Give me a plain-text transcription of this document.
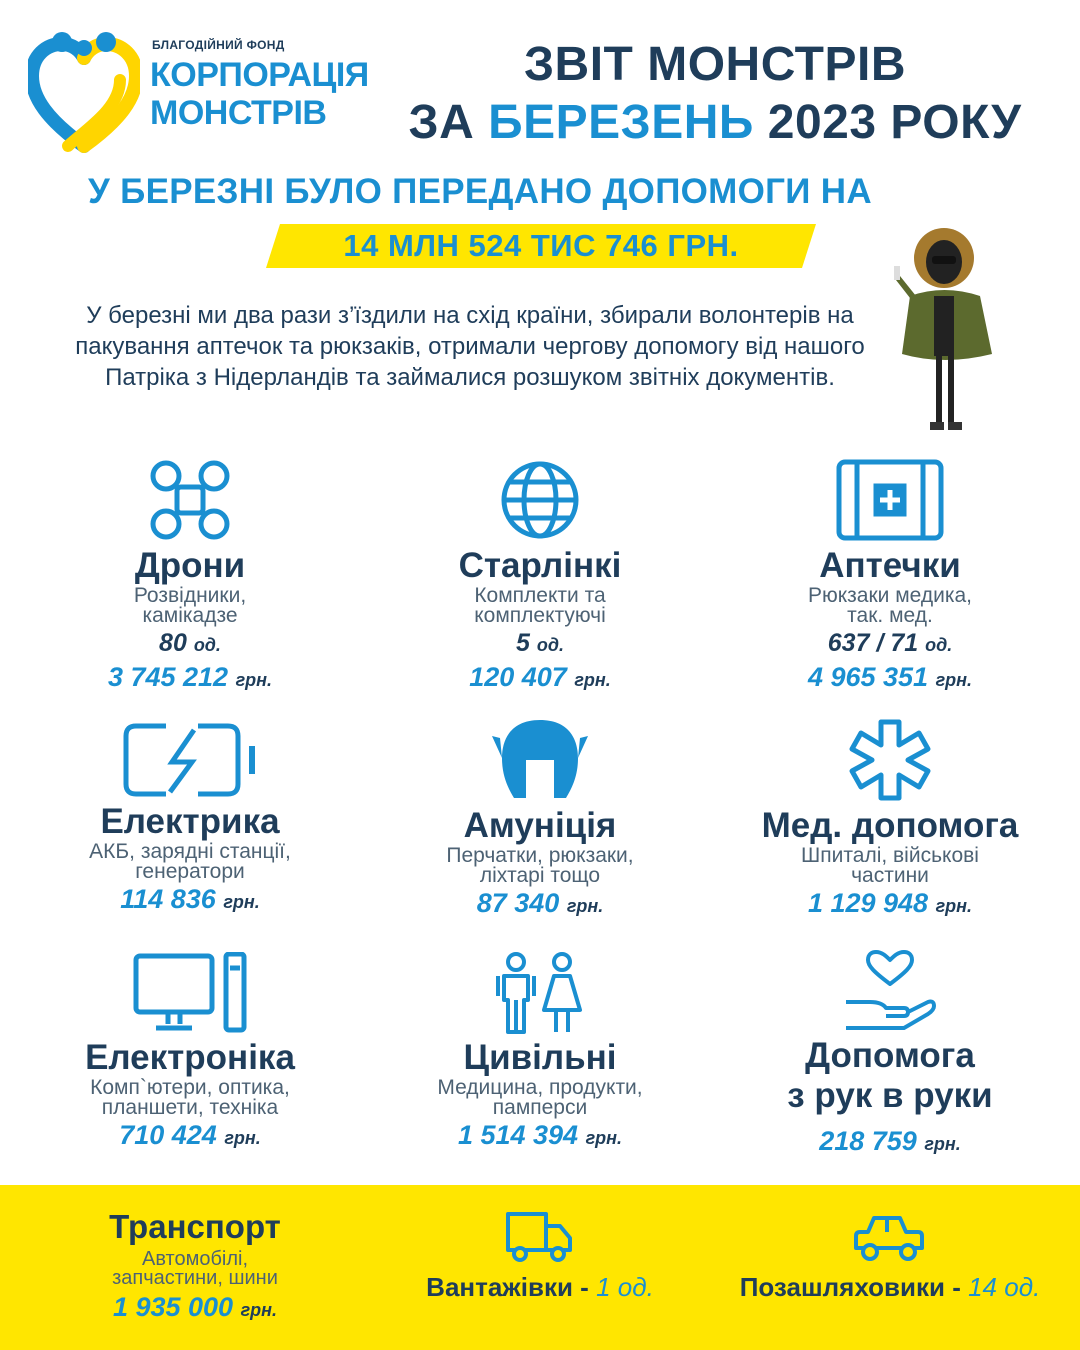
БЛАГОДІЙНИЙ ФОНД
КОРПОРАЦІЯ
МОНСТРІВ
ЗВІТ МОНСТРІВ
ЗА БЕРЕЗЕНЬ 2023 РОКУ
У БЕРЕЗНІ БУЛО ПЕРЕДАНО ДОПОМОГИ НА
14 МЛН 524 ТИС 746 ГРН.
У березні ми два рази з’їздили на схід країни, збирали волонтерів на пакування аптечок та рюкзаків, отримали чергову допомогу від нашого Патріка з Нідерландів та займалися розшуком звітніх документів.
Дрони
Розвідники,
камікадзе
80 од.
3 745 212 грн.
Старлінкі
Комплекти та
комплектуючі
5 од.
120 407 грн.
Аптечки
Рюкзаки медика,
так. мед.
637 / 71 од.
4 965 351 грн.
Електрика
АКБ, зарядні станції,
генератори
114 836 грн.
Амуніція
Перчатки, рюкзаки,
ліхтарі тощо
87 340 грн.
Мед. допомога
Шпиталі, військові
частини
1 129 948 грн.
Електроніка
Комп`ютери, оптика,
планшети, техніка
710 424 грн.
Цивільні
Медицина, продукти,
памперси
1 514 394 грн.
Допомога
з рук в руки
218 759 грн.
Транспорт
Автомобілі,
запчастини, шини
1 935 000 грн.
Вантажівки - 1 од.	Позашляховики - 14 од.
